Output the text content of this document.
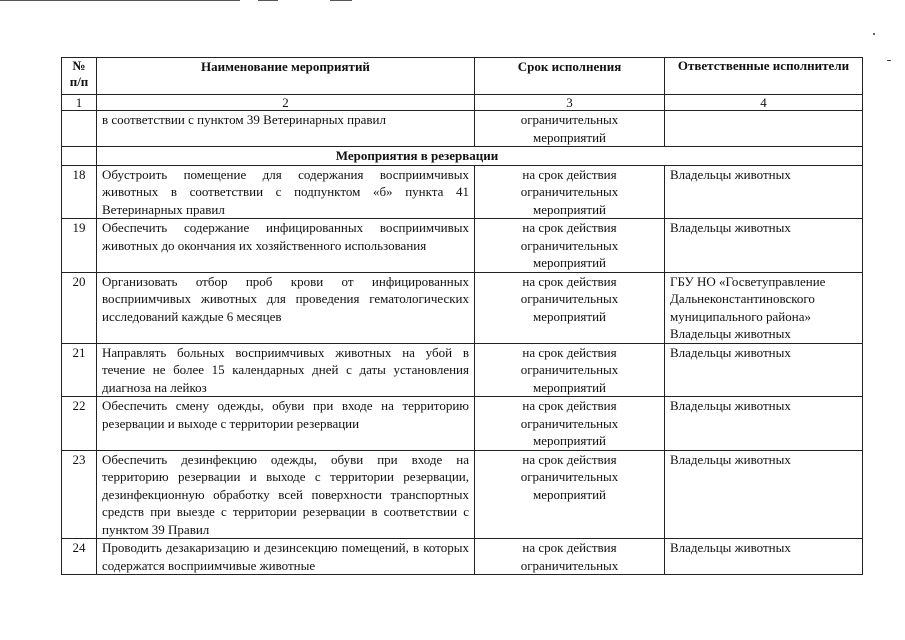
№
п/п	Наименование мероприятий	Срок исполнения	Ответственные исполнители
1	2	3	4
	в соответствии с пунктом 39 Ветеринарных правил	ограничительных мероприятий	
	Мероприятия в резервации		
18	Обустроить помещение для содержания восприимчивых животных в соответствии с подпунктом «б» пункта 41 Ветеринарных правил	на срок действия ограничительных мероприятий	Владельцы животных
19	Обеспечить содержание инфицированных восприимчивых животных до окончания их хозяйственного использования	на срок действия ограничительных мероприятий	Владельцы животных
20	Организовать отбор проб крови от инфицированных восприимчивых животных для проведения гематологических исследований каждые 6 месяцев	на срок действия ограничительных мероприятий	ГБУ НО «Госветуправление Дальнеконстантиновского муниципального района» Владельцы животных
21	Направлять больных восприимчивых животных на убой в течение не более 15 календарных дней с даты установления диагноза на лейкоз	на срок действия ограничительных мероприятий	Владельцы животных
22	Обеспечить смену одежды, обуви при входе на территорию резервации и выходе с территории резервации	на срок действия ограничительных мероприятий	Владельцы животных
23	Обеспечить дезинфекцию одежды, обуви при входе на территорию резервации и выходе с территории резервации, дезинфекционную обработку всей поверхности транспортных средств при выезде с территории резервации в соответствии с пунктом 39 Правил	на срок действия ограничительных мероприятий	Владельцы животных
24	Проводить дезакаризацию и дезинсекцию помещений, в которых содержатся восприимчивые животные	на срок действия ограничительных	Владельцы животных
